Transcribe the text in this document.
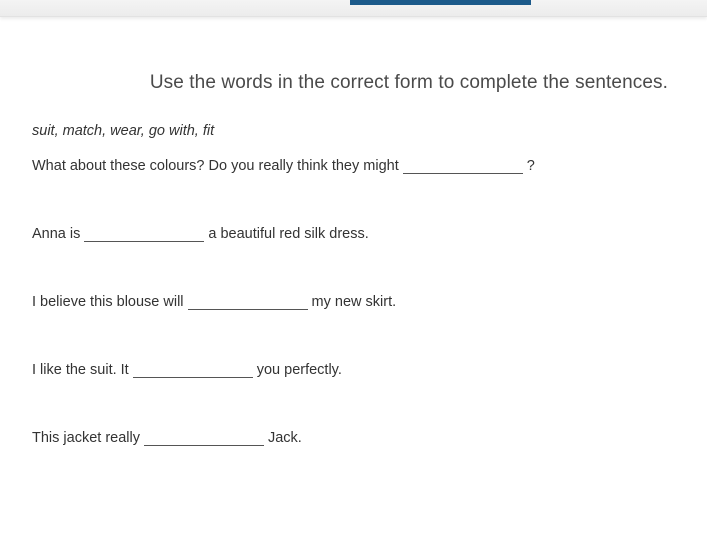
Use the words in the correct form to complete the sentences.
suit, match, wear, go with, fit
What about these colours? Do you really think they might	?
Anna is	a beautiful red silk dress.
I believe this blouse will	my new skirt.
I like the suit. It	you perfectly.
This jacket really	Jack.
